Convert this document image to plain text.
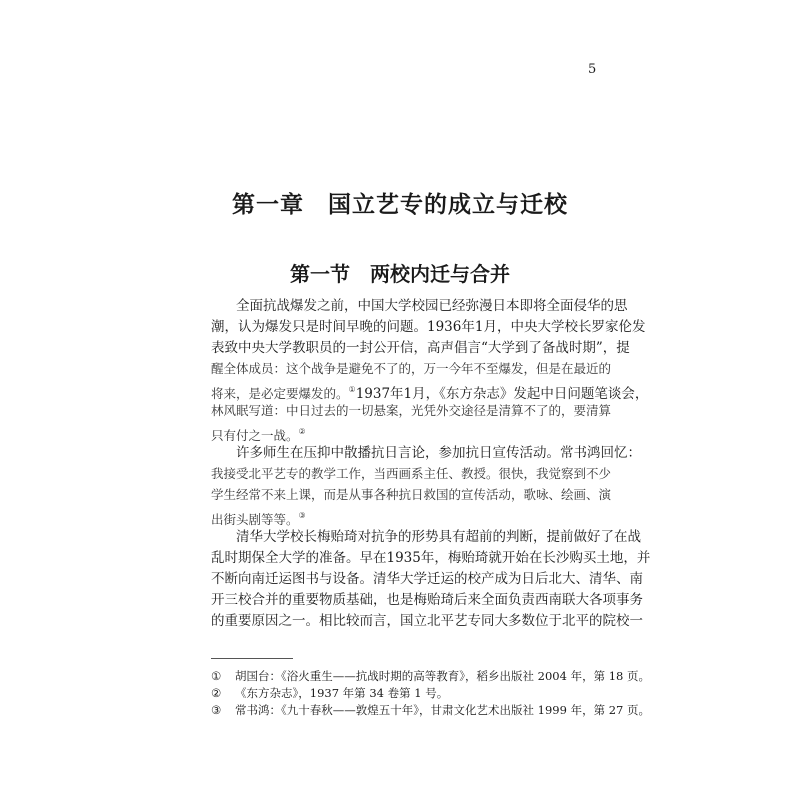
5
第一章　国立艺专的成立与迁校
第一节　两校内迁与合并
全面抗战爆发之前，中国大学校园已经弥漫日本即将全面侵华的思
潮，认为爆发只是时间早晚的问题。1936年1月，中央大学校长罗家伦发
表致中央大学教职员的一封公开信，高声倡言“大学到了备战时期”，提
醒全体成员：这个战争是避免不了的，万一今年不至爆发，但是在最近的
将来，是必定要爆发的。①1937年1月，《东方杂志》发起中日问题笔谈会，
林风眠写道：中日过去的一切悬案，光凭外交途径是清算不了的，要清算
只有付之一战。②
许多师生在压抑中散播抗日言论，参加抗日宣传活动。常书鸿回忆：
我接受北平艺专的教学工作，当西画系主任、教授。很快，我觉察到不少
学生经常不来上课，而是从事各种抗日救国的宣传活动，歌咏、绘画、演
出街头剧等等。③
清华大学校长梅贻琦对抗争的形势具有超前的判断，提前做好了在战
乱时期保全大学的准备。早在1935年，梅贻琦就开始在长沙购买土地，并
不断向南迁运图书与设备。清华大学迁运的校产成为日后北大、清华、南
开三校合并的重要物质基础，也是梅贻琦后来全面负责西南联大各项事务
的重要原因之一。相比较而言，国立北平艺专同大多数位于北平的院校一
① 胡国台：《浴火重生——抗战时期的高等教育》，稻乡出版社 2004 年，第 18 页。
② 《东方杂志》，1937 年第 34 卷第 1 号。
③ 常书鸿：《九十春秋——敦煌五十年》，甘肃文化艺术出版社 1999 年，第 27 页。
